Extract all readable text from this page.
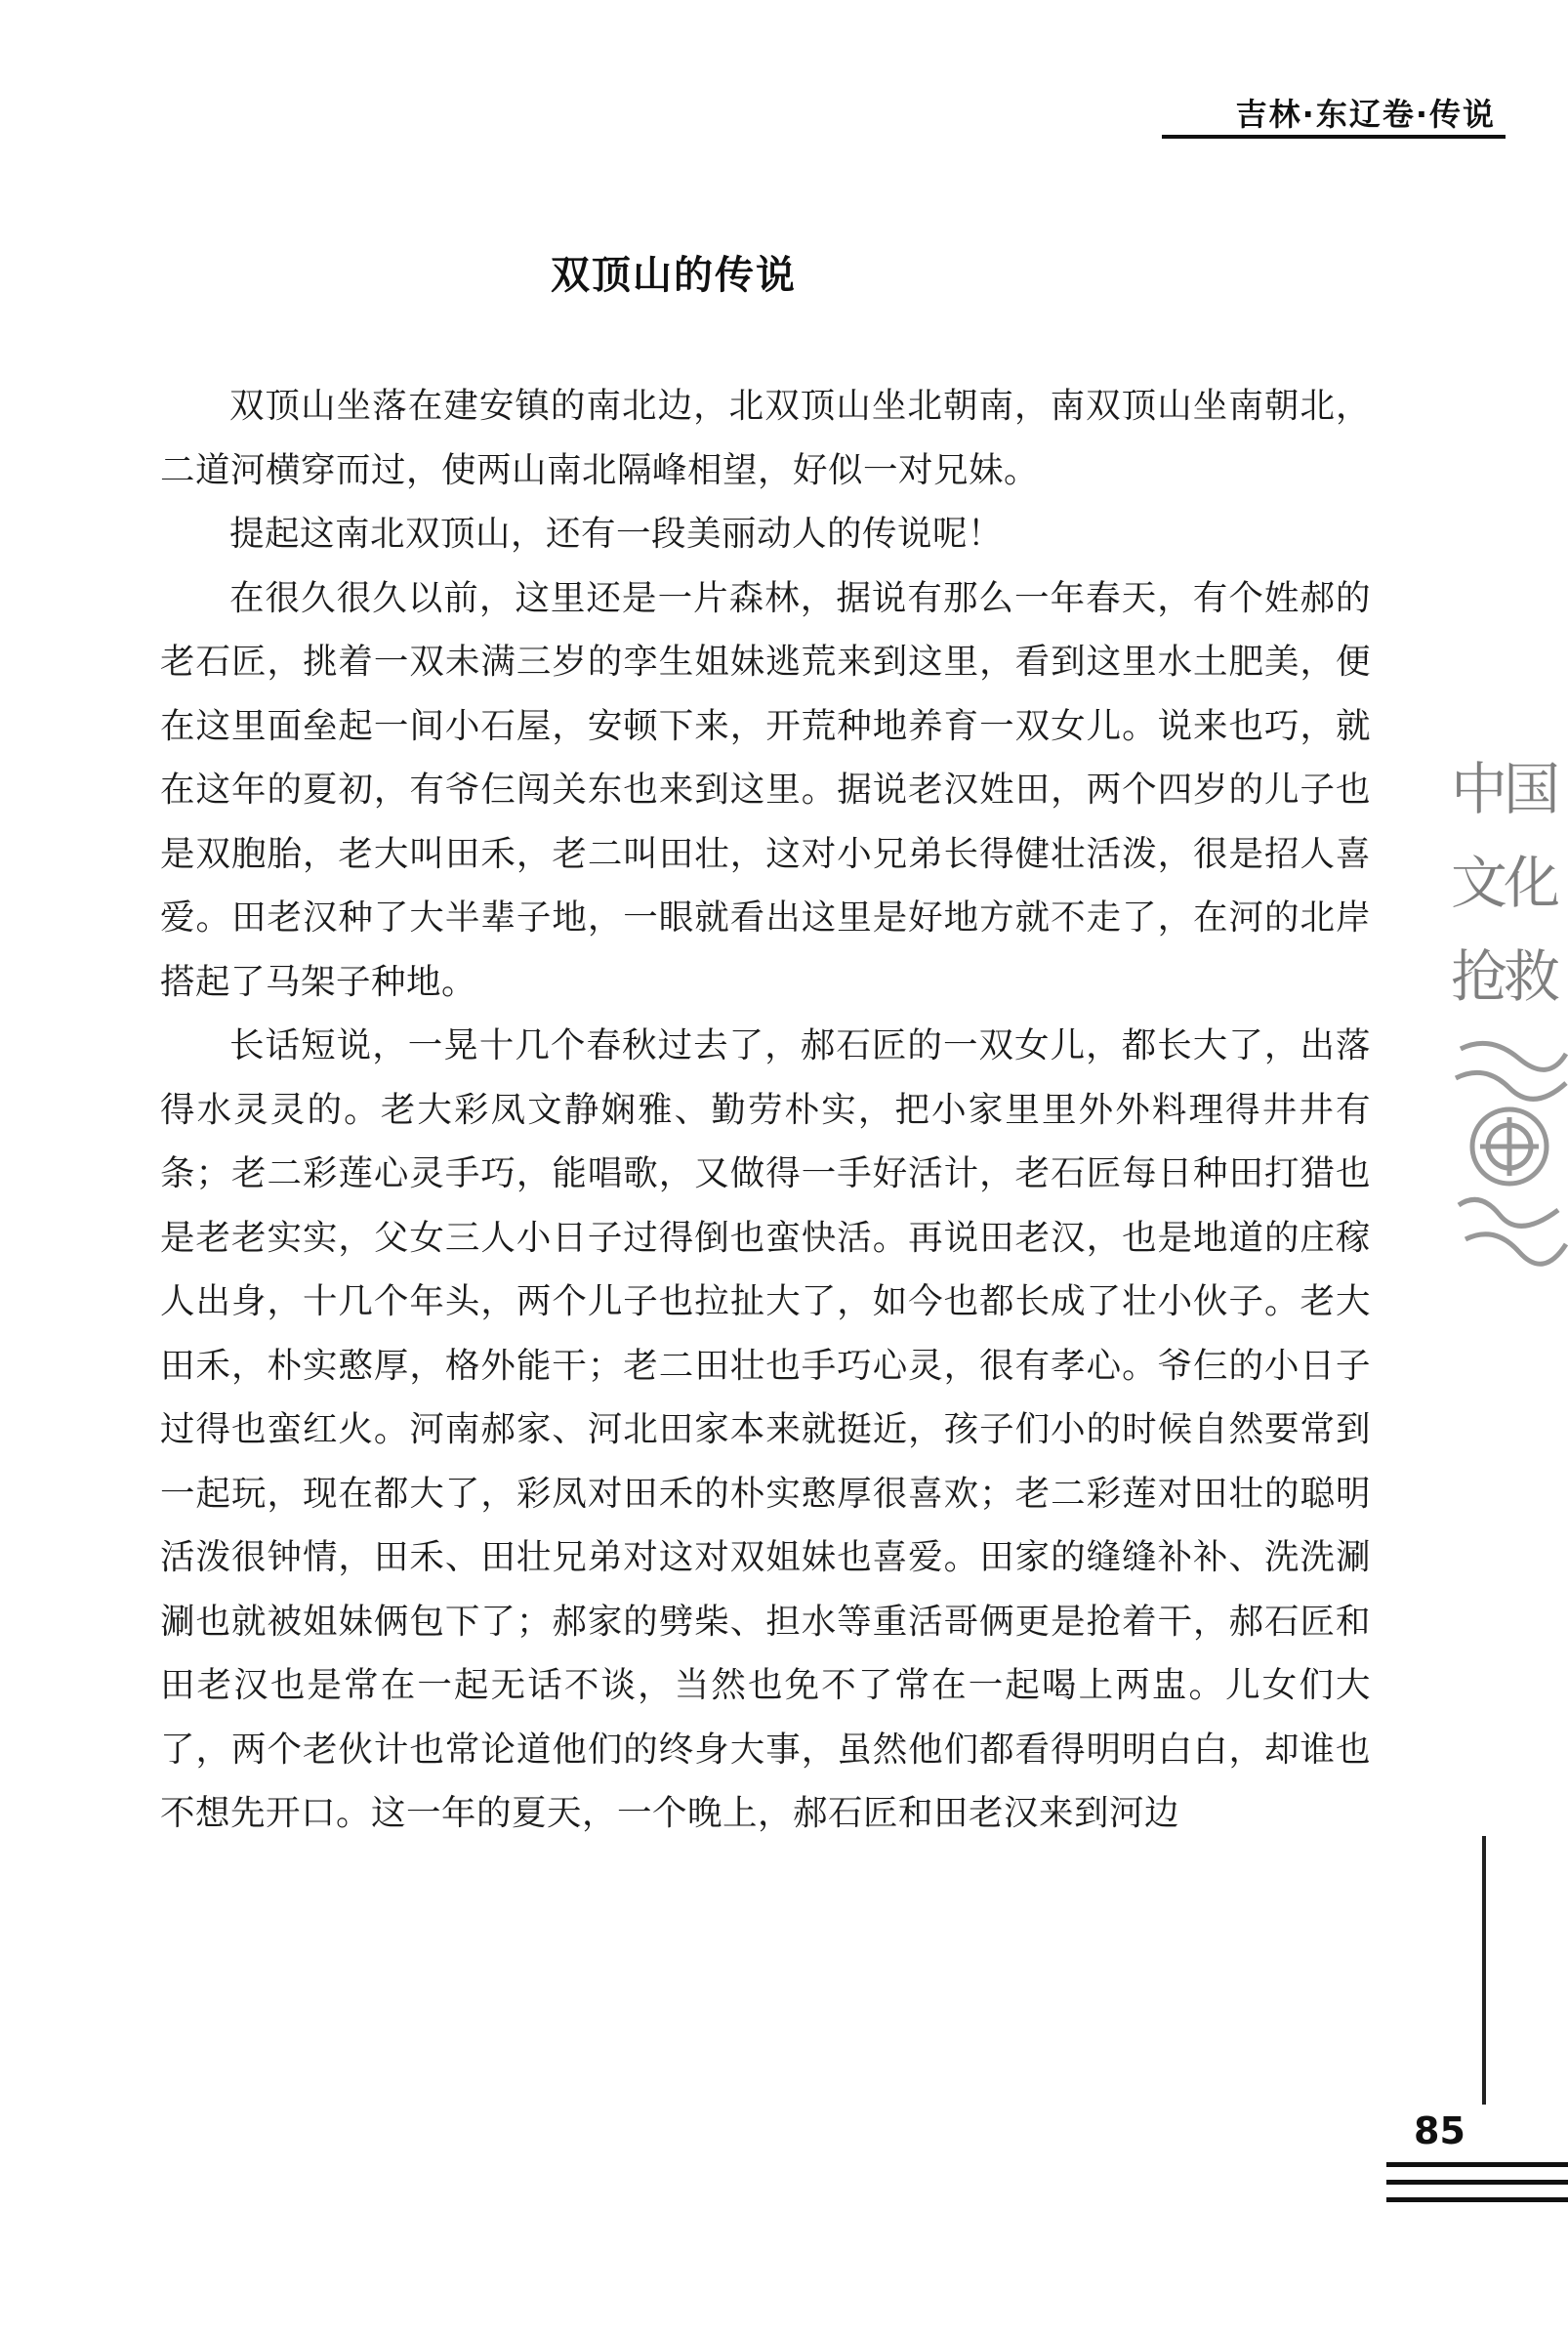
吉林·东辽卷·传说
双顶山的传说

双顶山坐落在建安镇的南北边，北双顶山坐北朝南，南双顶山坐南朝北，二道河横穿而过，使两山南北隔峰相望，好似一对兄妹。

提起这南北双顶山，还有一段美丽动人的传说呢！

在很久很久以前，这里还是一片森林，据说有那么一年春天，有个姓郝的老石匠，挑着一双未满三岁的孪生姐妹逃荒来到这里，看到这里水土肥美，便在这里面垒起一间小石屋，安顿下来，开荒种地养育一双女儿。说来也巧，就在这年的夏初，有爷仨闯关东也来到这里。据说老汉姓田，两个四岁的儿子也是双胞胎，老大叫田禾，老二叫田壮，这对小兄弟长得健壮活泼，很是招人喜爱。田老汉种了大半辈子地，一眼就看出这里是好地方就不走了，在河的北岸搭起了马架子种地。

长话短说，一晃十几个春秋过去了，郝石匠的一双女儿，都长大了，出落得水灵灵的。老大彩凤文静娴雅、勤劳朴实，把小家里里外外料理得井井有条；老二彩莲心灵手巧，能唱歌，又做得一手好活计，老石匠每日种田打猎也是老老实实，父女三人小日子过得倒也蛮快活。再说田老汉，也是地道的庄稼人出身，十几个年头，两个儿子也拉扯大了，如今也都长成了壮小伙子。老大田禾，朴实憨厚，格外能干；老二田壮也手巧心灵，很有孝心。爷仨的小日子过得也蛮红火。河南郝家、河北田家本来就挺近，孩子们小的时候自然要常到一起玩，现在都大了，彩凤对田禾的朴实憨厚很喜欢；老二彩莲对田壮的聪明活泼很钟情，田禾、田壮兄弟对这对双姐妹也喜爱。田家的缝缝补补、洗洗涮涮也就被姐妹俩包下了；郝家的劈柴、担水等重活哥俩更是抢着干，郝石匠和田老汉也是常在一起无话不谈，当然也免不了常在一起喝上两盅。儿女们大了，两个老伙计也常论道他们的终身大事，虽然他们都看得明明白白，却谁也不想先开口。这一年的夏天，一个晚上，郝石匠和田老汉来到河边

中国
文化
抢救
85
